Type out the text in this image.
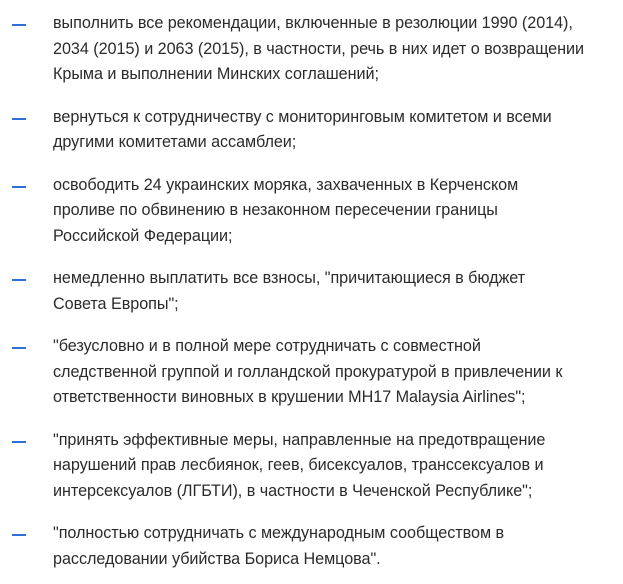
выполнить все рекомендации, включенные в резолюции 1990 (2014),
2034 (2015) и 2063 (2015), в частности, речь в них идет о возвращении
Крыма и выполнении Минских соглашений;
вернуться к сотрудничеству с мониторинговым комитетом и всеми
другими комитетами ассамблеи;
освободить 24 украинских моряка, захваченных в Керченском
проливе по обвинению в незаконном пересечении границы
Российской Федерации;
немедленно выплатить все взносы, "причитающиеся в бюджет
Совета Европы";
"безусловно и в полной мере сотрудничать с совместной
следственной группой и голландской прокуратурой в привлечении к
ответственности виновных в крушении MH17 Malaysia Airlines";
"принять эффективные меры, направленные на предотвращение
нарушений прав лесбиянок, геев, бисексуалов, транссексуалов и
интерсексуалов (ЛГБТИ), в частности в Чеченской Республике";
"полностью сотрудничать с международным сообществом в
расследовании убийства Бориса Немцова".
